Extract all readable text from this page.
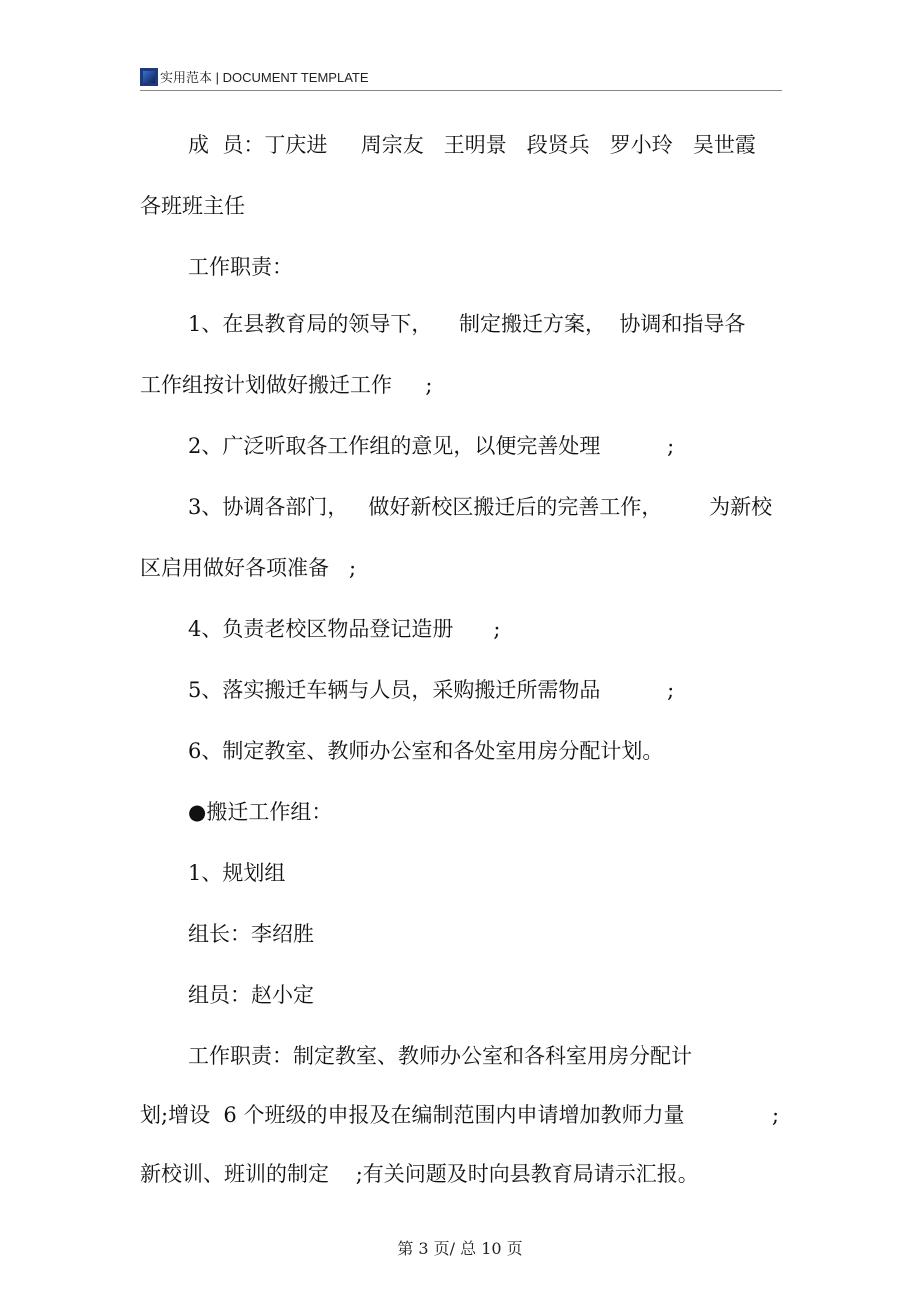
实用范本 | DOCUMENT TEMPLATE
成  员：丁庆进     周宗友   王明景   段贤兵   罗小玲   吴世霞
各班班主任
工作职责：
1、在县教育局的领导下，    制定搬迁方案，  协调和指导各
工作组按计划做好搬迁工作     ;
2、广泛听取各工作组的意见，以便完善处理          ;
3、协调各部门，   做好新校区搬迁后的完善工作，       为新校
区启用做好各项准备   ;
4、负责老校区物品登记造册      ;
5、落实搬迁车辆与人员，采购搬迁所需物品          ;
6、制定教室、教师办公室和各处室用房分配计划。
●搬迁工作组：
1、规划组
组长：李绍胜
组员：赵小定
工作职责：制定教室、教师办公室和各科室用房分配计
划;增设  6 个班级的申报及在编制范围内申请增加教师力量	;
新校训、班训的制定    ;有关问题及时向县教育局请示汇报。
第 3 页/ 总 10 页
